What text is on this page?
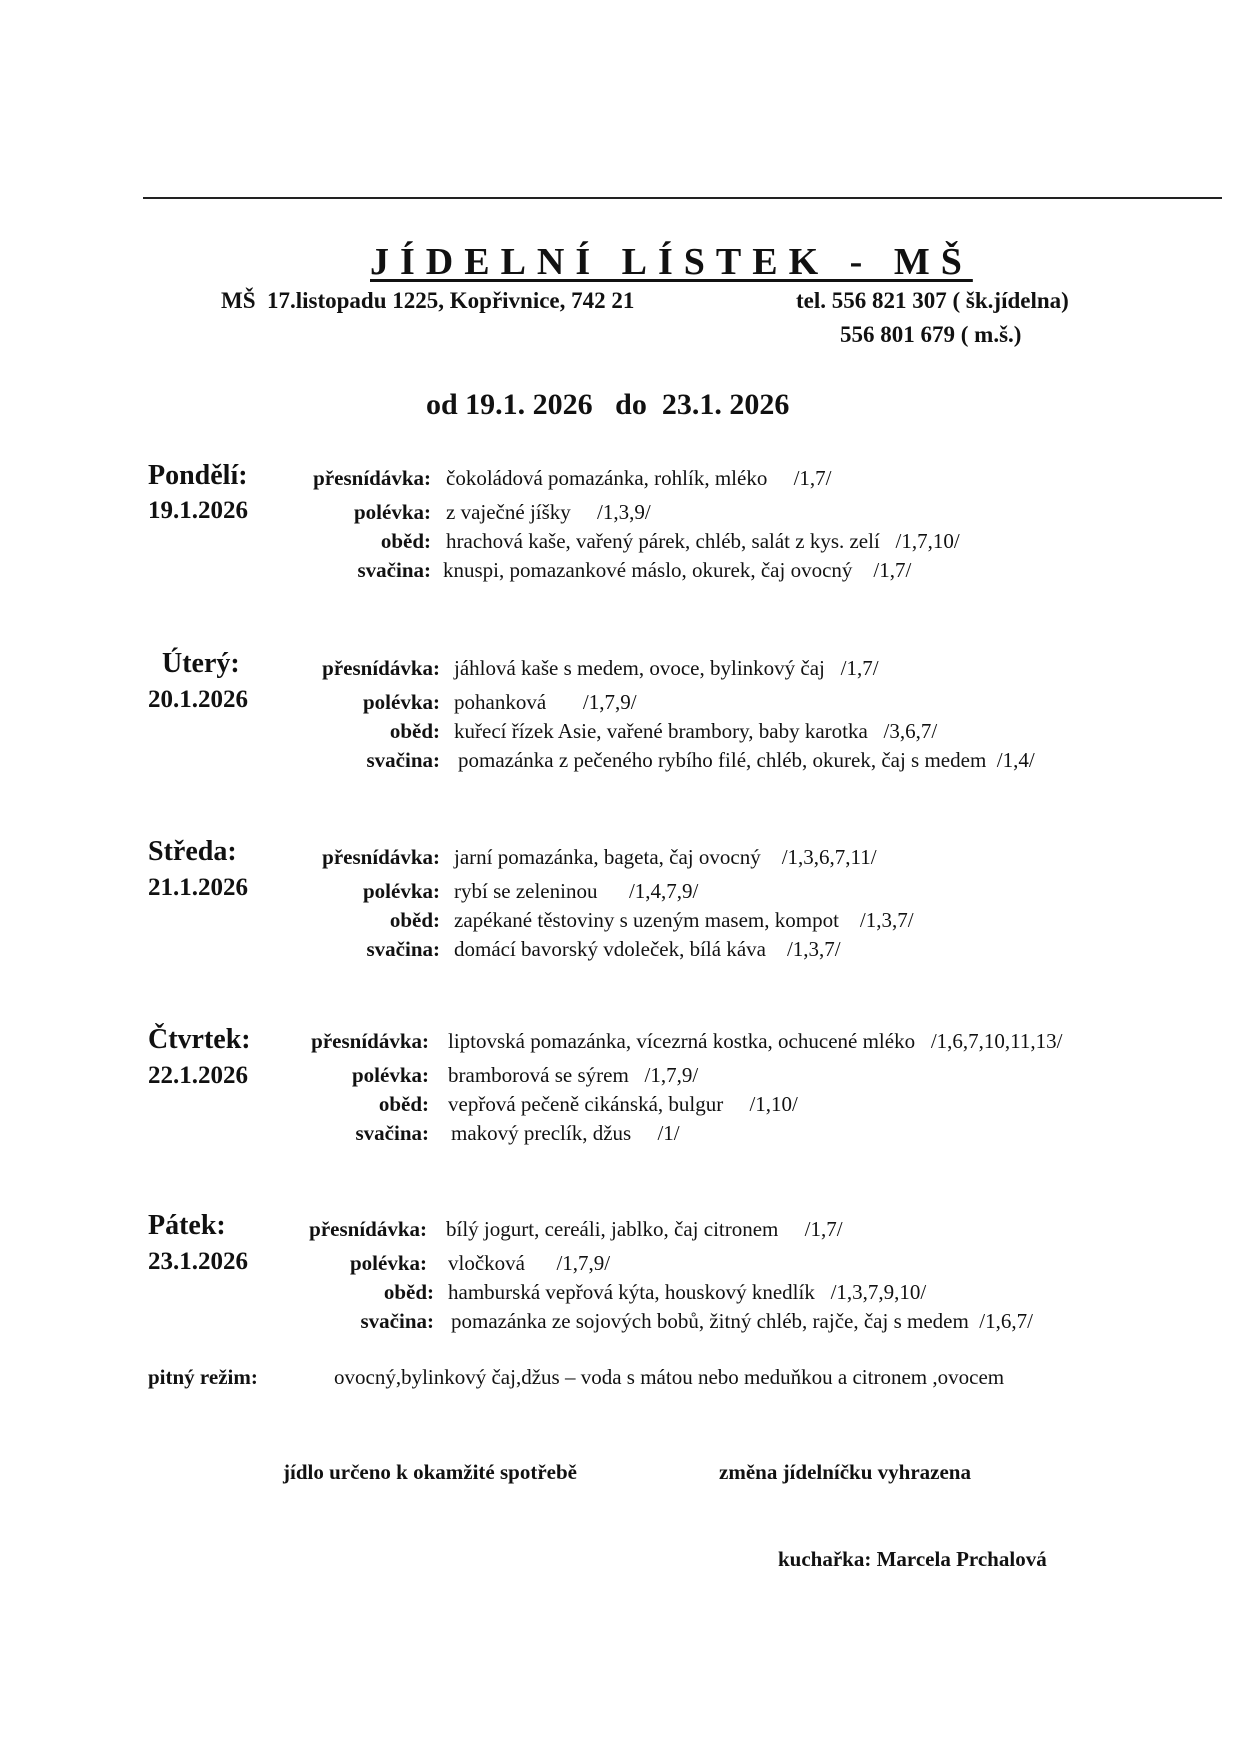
JÍDELNÍ LÍSTEK - MŠ
MŠ  17.listopadu 1225, Kopřivnice, 742 21	tel. 556 821 307 ( šk.jídelna)
556 801 679 ( m.š.)
od 19.1. 2026   do  23.1. 2026
Pondělí:
19.1.2026
přesnídávka: čokoládová pomazánka, rohlík, mléko     /1,7/
polévka: z vaječné jíšky     /1,3,9/
oběd: hrachová kaše, vařený párek, chléb, salát z kys. zelí   /1,7,10/
svačina: knuspi, pomazankové máslo, okurek, čaj ovocný    /1,7/
Úterý:
20.1.2026
přesnídávka: jáhlová kaše s medem, ovoce, bylinkový čaj   /1,7/
polévka: pohanková       /1,7,9/
oběd: kuřecí řízek Asie, vařené brambory, baby karotka   /3,6,7/
svačina: pomazánka z pečeného rybího filé, chléb, okurek, čaj s medem  /1,4/
Středa:
21.1.2026
přesnídávka: jarní pomazánka, bageta, čaj ovocný    /1,3,6,7,11/
polévka: rybí se zeleninou      /1,4,7,9/
oběd: zapékané těstoviny s uzeným masem, kompot    /1,3,7/
svačina: domácí bavorský vdoleček, bílá káva    /1,3,7/
Čtvrtek:
22.1.2026
přesnídávka: liptovská pomazánka, vícezrná kostka, ochucené mléko   /1,6,7,10,11,13/
polévka: bramborová se sýrem   /1,7,9/
oběd: vepřová pečeně cikánská, bulgur     /1,10/
svačina: makový preclík, džus     /1/
Pátek:
23.1.2026
přesnídávka: bílý jogurt, cereáli, jablko, čaj citronem     /1,7/
polévka: vločková      /1,7,9/
oběd: hamburská vepřová kýta, houskový knedlík   /1,3,7,9,10/
svačina: pomazánka ze sojových bobů, žitný chléb, rajče, čaj s medem  /1,6,7/
pitný režim:	ovocný,bylinkový čaj,džus – voda s mátou nebo meduňkou a citronem ,ovocem
jídlo určeno k okamžité spotřebě	změna jídelníčku vyhrazena
kuchařka: Marcela Prchalová
